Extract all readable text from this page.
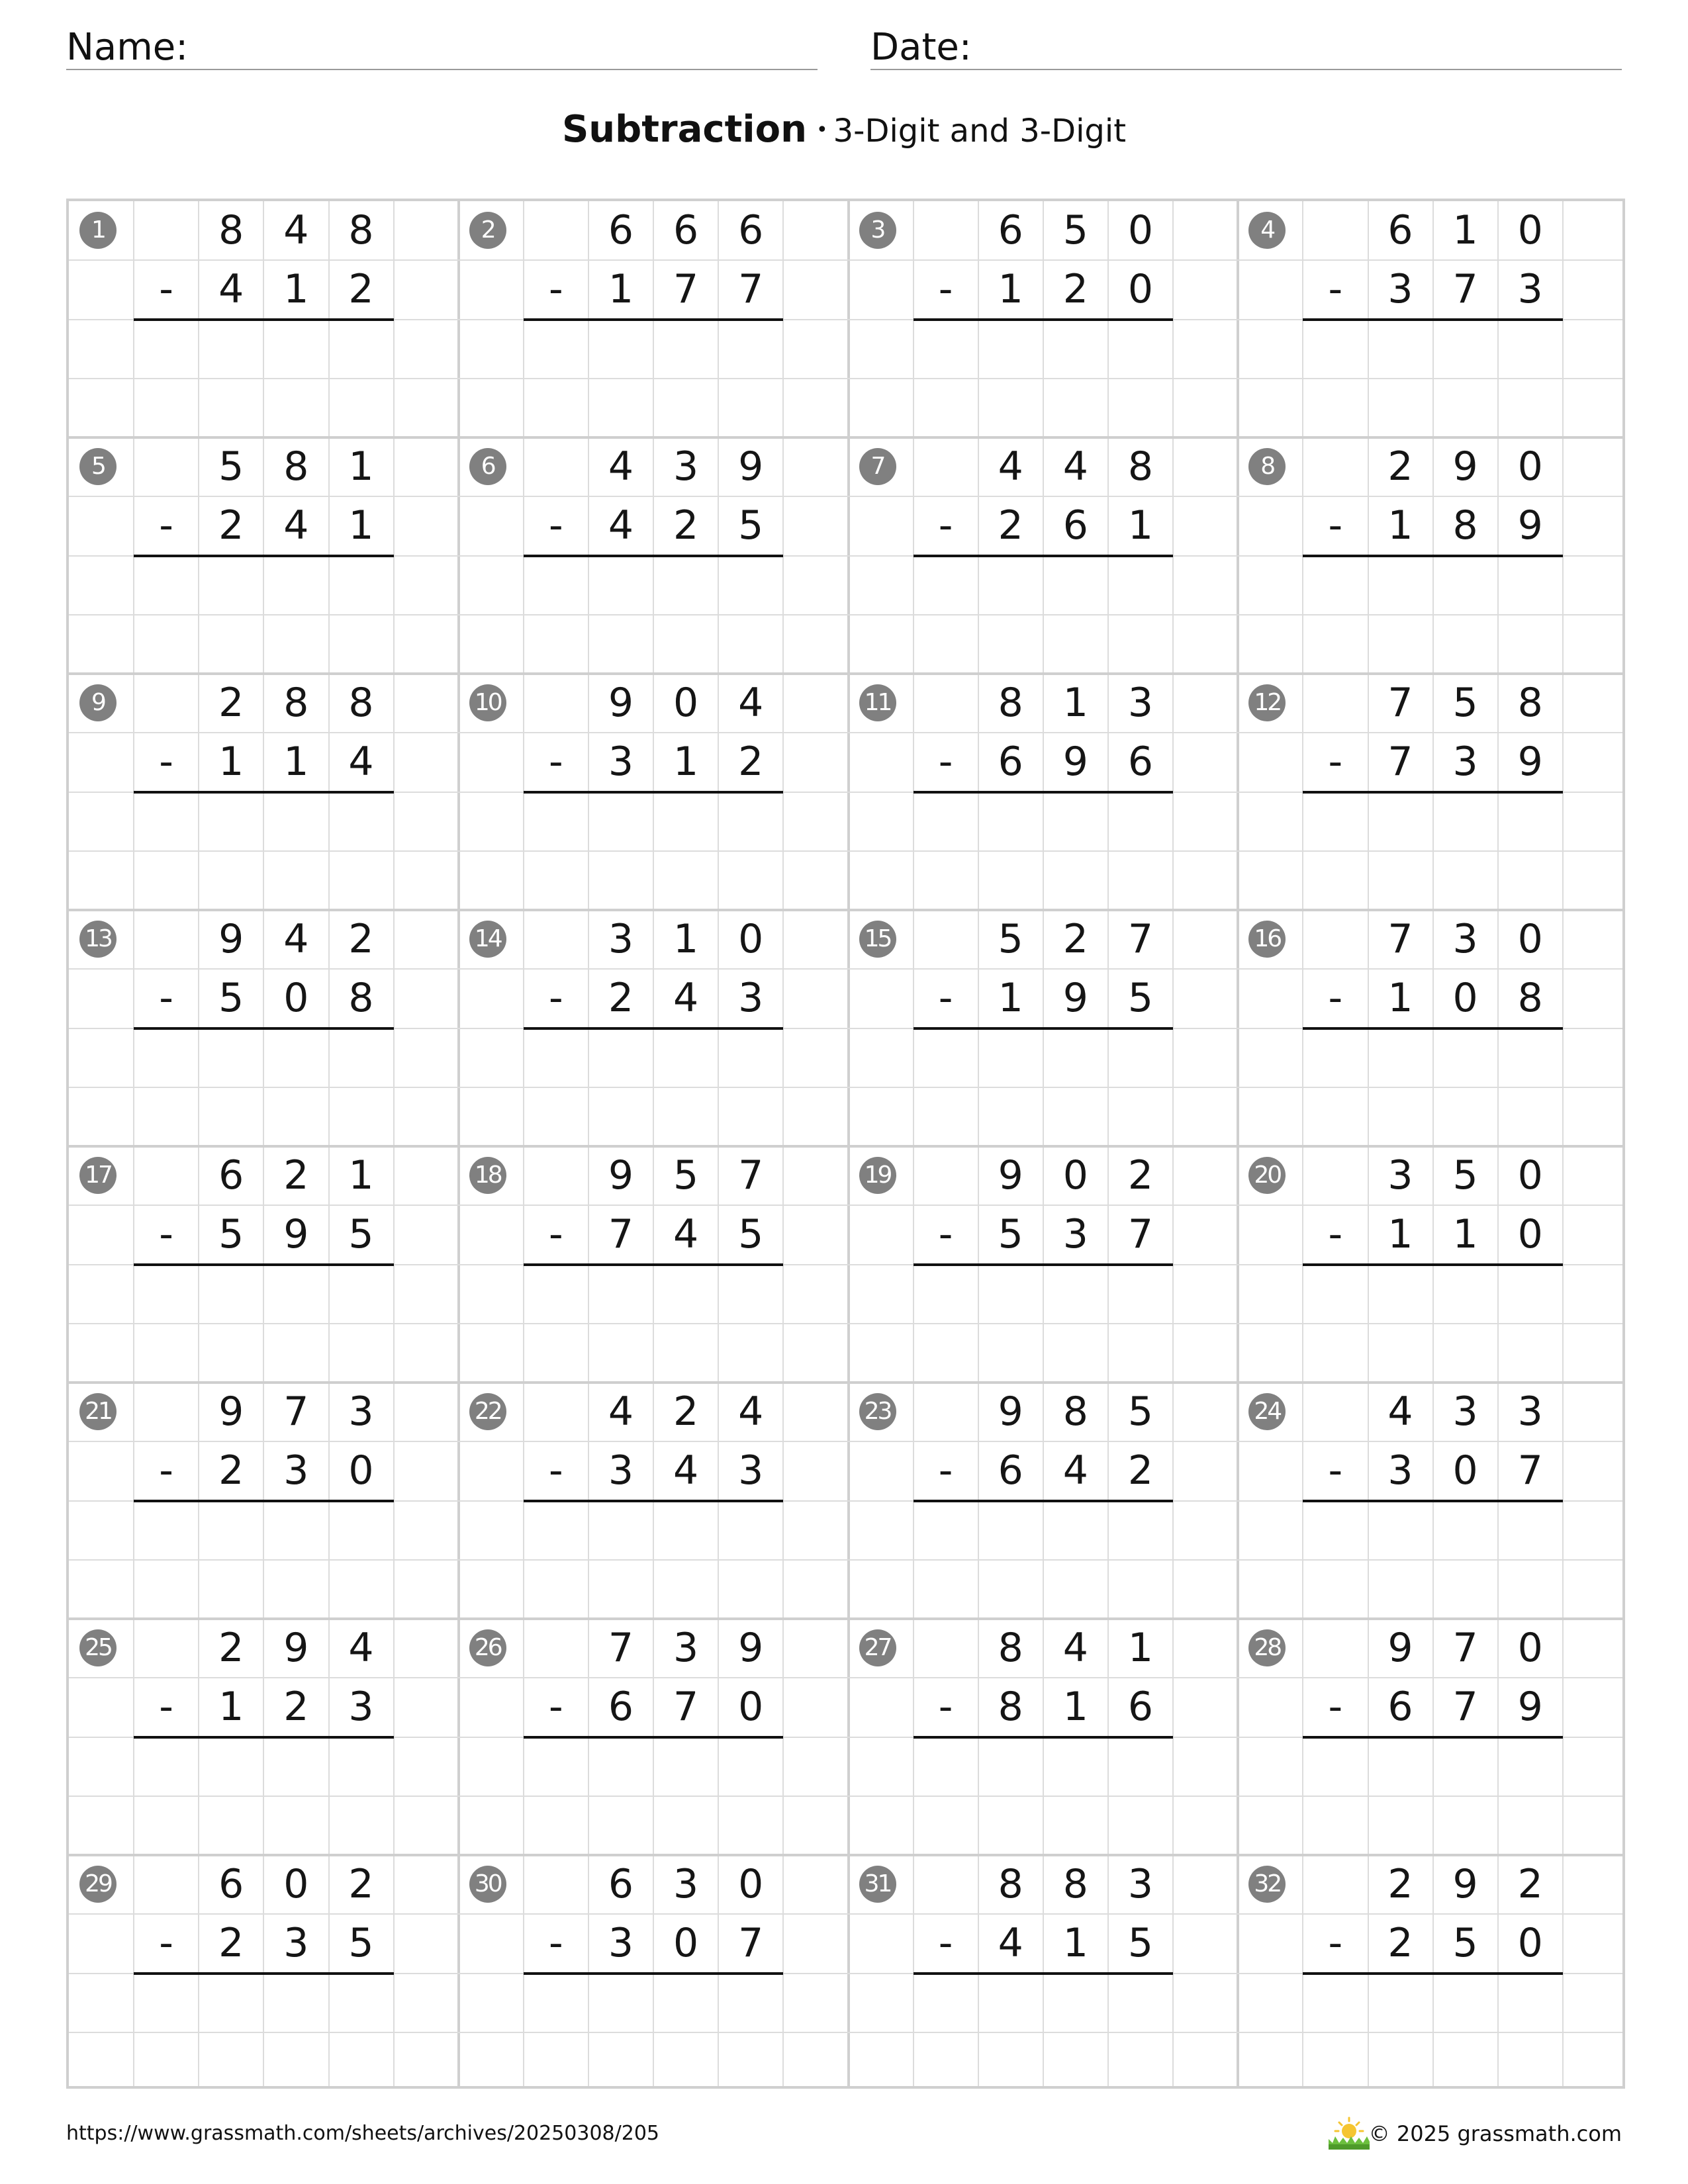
Name:	Date:
Subtraction • 3-Digit and 3-Digit
1	8 4 8
-	4 1 2
2	6 6 6
-	1 7 7
3	6 5 0
-	1 2 0
4	6 1 0
-	3 7 3
5	5 8 1
-	2 4 1
6	4 3 9
-	4 2 5
7	4 4 8
-	2 6 1
8	2 9 0
-	1 8 9
9	2 8 8
-	1 1 4
10	9 0 4
-	3 1 2
11	8 1 3
-	6 9 6
12	7 5 8
-	7 3 9
13	9 4 2
-	5 0 8
14	3 1 0
-	2 4 3
15	5 2 7
-	1 9 5
16	7 3 0
-	1 0 8
17	6 2 1
-	5 9 5
18	9 5 7
-	7 4 5
19	9 0 2
-	5 3 7
20	3 5 0
-	1 1 0
21	9 7 3
-	2 3 0
22	4 2 4
-	3 4 3
23	9 8 5
-	6 4 2
24	4 3 3
-	3 0 7
25	2 9 4
-	1 2 3
26	7 3 9
-	6 7 0
27	8 4 1
-	8 1 6
28	9 7 0
-	6 7 9
29	6 0 2
-	2 3 5
30	6 3 0
-	3 0 7
31	8 8 3
-	4 1 5
32	2 9 2
-	2 5 0
https://www.grassmath.com/sheets/archives/20250308/205	© 2025 grassmath.com
